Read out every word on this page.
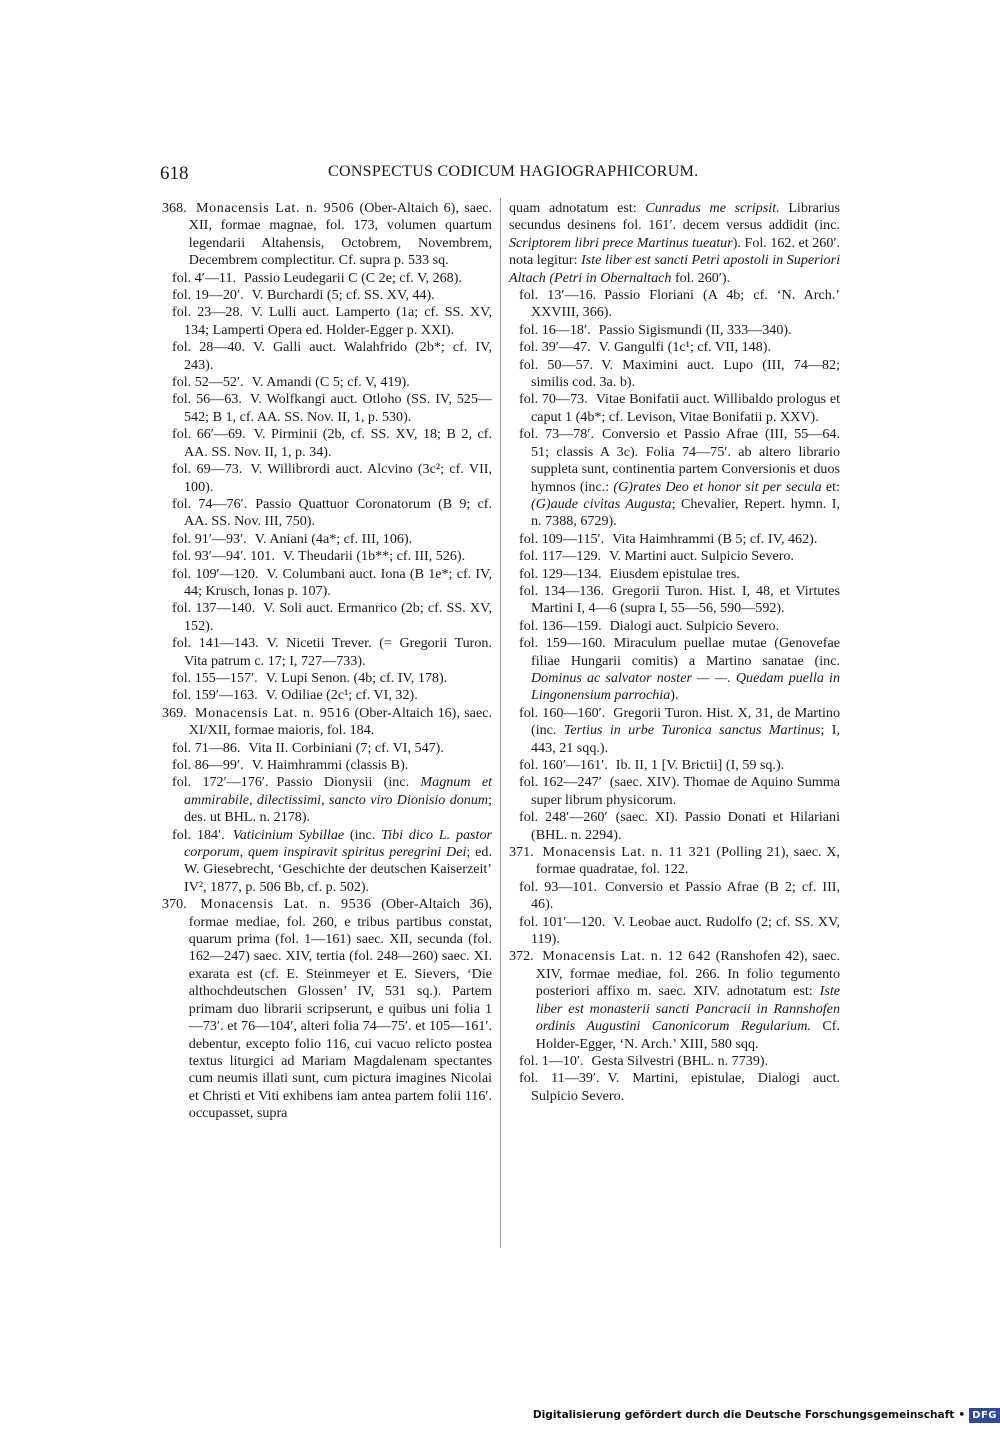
618	CONSPECTUS CODICUM HAGIOGRAPHICORUM.
368. Monacensis Lat. n. 9506 (Ober-Altaich 6), saec. XII, formae magnae, fol. 173, volumen quartum legendarii Altahensis, Octobrem, Novembrem, Decembrem complectitur. Cf. supra p. 533 sq.

fol. 4′—11. Passio Leudegarii C (C 2e; cf. V, 268).

fol. 19—20′. V. Burchardi (5; cf. SS. XV, 44).

fol. 23—28. V. Lulli auct. Lamperto (1a; cf. SS. XV, 134; Lamperti Opera ed. Holder-Egger p. XXI).

fol. 28—40. V. Galli auct. Walahfrido (2b*; cf. IV, 243).

fol. 52—52′. V. Amandi (C 5; cf. V, 419).

fol. 56—63. V. Wolfkangi auct. Otloho (SS. IV, 525—542; B 1, cf. AA. SS. Nov. II, 1, p. 530).

fol. 66′—69. V. Pirminii (2b, cf. SS. XV, 18; B 2, cf. AA. SS. Nov. II, 1, p. 34).

fol. 69—73. V. Willibrordi auct. Alcvino (3c²; cf. VII, 100).

fol. 74—76′. Passio Quattuor Coronatorum (B 9; cf. AA. SS. Nov. III, 750).

fol. 91′—93′. V. Aniani (4a*; cf. III, 106).

fol. 93′—94′. 101. V. Theudarii (1b**; cf. III, 526).

fol. 109′—120. V. Columbani auct. Iona (B 1e*; cf. IV, 44; Krusch, Ionas p. 107).

fol. 137—140. V. Soli auct. Ermanrico (2b; cf. SS. XV, 152).

fol. 141—143. V. Nicetii Trever. (= Gregorii Turon. Vita patrum c. 17; I, 727—733).

fol. 155—157′. V. Lupi Senon. (4b; cf. IV, 178).

fol. 159′—163. V. Odiliae (2c¹; cf. VI, 32).

369. Monacensis Lat. n. 9516 (Ober-Altaich 16), saec. XI/XII, formae maioris, fol. 184.

fol. 71—86. Vita II. Corbiniani (7; cf. VI, 547).

fol. 86—99′. V. Haimhrammi (classis B).

fol. 172′—176′. Passio Dionysii (inc. Magnum et ammirabile, dilectissimi, sancto viro Dionisio donum; des. ut BHL. n. 2178).

fol. 184′. Vaticinium Sybillae (inc. Tibi dico L. pastor corporum, quem inspiravit spiritus peregrini Dei; ed. W. Giesebrecht, ‘Geschichte der deutschen Kaiserzeit’ IV², 1877, p. 506 Bb, cf. p. 502).

370. Monacensis Lat. n. 9536 (Ober-Altaich 36), formae mediae, fol. 260, e tribus partibus constat, quarum prima (fol. 1—161) saec. XII, secunda (fol. 162—247) saec. XIV, tertia (fol. 248—260) saec. XI. exarata est (cf. E. Steinmeyer et E. Sievers, ‘Die althochdeutschen Glossen’ IV, 531 sq.). Partem primam duo librarii scripserunt, e quibus uni folia 1—73′. et 76—104′, alteri folia 74—75′. et 105—161′. debentur, excepto folio 116, cui vacuo relicto postea textus liturgici ad Mariam Magdalenam spectantes cum neumis illati sunt, cum pictura imagines Nicolai et Christi et Viti exhibens iam antea partem folii 116′. occupasset, supra

quam adnotatum est: Cunradus me scripsit. Librarius secundus desinens fol. 161′. decem versus addidit (inc. Scriptorem libri prece Martinus tueatur). Fol. 162. et 260′. nota legitur: Iste liber est sancti Petri apostoli in Superiori Altach (Petri in Obernaltach fol. 260′).

fol. 13′—16. Passio Floriani (A 4b; cf. ‘N. Arch.’ XXVIII, 366).

fol. 16—18′. Passio Sigismundi (II, 333—340).

fol. 39′—47. V. Gangulfi (1c¹; cf. VII, 148).

fol. 50—57. V. Maximini auct. Lupo (III, 74—82; similis cod. 3a. b).

fol. 70—73. Vitae Bonifatii auct. Willibaldo prologus et caput 1 (4b*; cf. Levison, Vitae Bonifatii p. XXV).

fol. 73—78′. Conversio et Passio Afrae (III, 55—64. 51; classis A 3c). Folia 74—75′. ab altero librario suppleta sunt, continentia partem Conversionis et duos hymnos (inc.: (G)rates Deo et honor sit per secula et: (G)aude civitas Augusta; Chevalier, Repert. hymn. I, n. 7388, 6729).

fol. 109—115′. Vita Haimhrammi (B 5; cf. IV, 462).

fol. 117—129. V. Martini auct. Sulpicio Severo.

fol. 129—134. Eiusdem epistulae tres.

fol. 134—136. Gregorii Turon. Hist. I, 48, et Virtutes Martini I, 4—6 (supra I, 55—56, 590—592).

fol. 136—159. Dialogi auct. Sulpicio Severo.

fol. 159—160. Miraculum puellae mutae (Genovefae filiae Hungarii comitis) a Martino sanatae (inc. Dominus ac salvator noster — —. Quedam puella in Lingonensium parrochia).

fol. 160—160′. Gregorii Turon. Hist. X, 31, de Martino (inc. Tertius in urbe Turonica sanctus Martinus; I, 443, 21 sqq.).

fol. 160′—161′. Ib. II, 1 [V. Brictii] (I, 59 sq.).

fol. 162—247′ (saec. XIV). Thomae de Aquino Summa super librum physicorum.

fol. 248′—260′ (saec. XI). Passio Donati et Hilariani (BHL. n. 2294).

371. Monacensis Lat. n. 11 321 (Polling 21), saec. X, formae quadratae, fol. 122.

fol. 93—101. Conversio et Passio Afrae (B 2; cf. III, 46).

fol. 101′—120. V. Leobae auct. Rudolfo (2; cf. SS. XV, 119).

372. Monacensis Lat. n. 12 642 (Ranshofen 42), saec. XIV, formae mediae, fol. 266. In folio tegumento posteriori affixo m. saec. XIV. adnotatum est: Iste liber est monasterii sancti Pancracii in Rannshofen ordinis Augustini Canonicorum Regularium. Cf. Holder-Egger, ‘N. Arch.’ XIII, 580 sqq.

fol. 1—10′. Gesta Silvestri (BHL. n. 7739).

fol. 11—39′. V. Martini, epistulae, Dialogi auct. Sulpicio Severo.

Digitalisierung gefördert durch die Deutsche Forschungsgemeinschaft • DFG
